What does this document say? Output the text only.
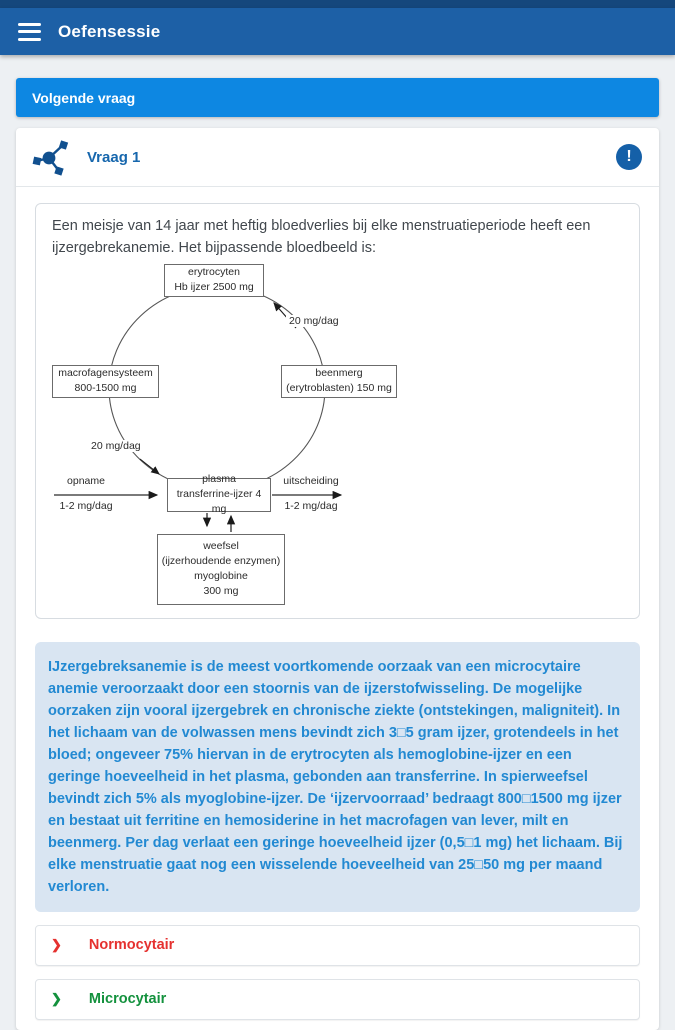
Oefensessie
Volgende vraag
Vraag 1	!

Een meisje van 14 jaar met heftig bloedverlies bij elke menstruatieperiode heeft een ijzergebrekanemie. Het bijpassende bloedbeeld is:

erytrocyten
Hb ijzer 2500 mg
macrofagensysteem
800-1500 mg
beenmerg
(erytroblasten) 150 mg
plasma
transferrine-ijzer 4 mg
weefsel
(ijzerhoudende enzymen)
myoglobine
300 mg
20 mg/dag
20 mg/dag
opname
1-2 mg/dag
uitscheiding
1-2 mg/dag

IJzergebreksanemie is de meest voortkomende oorzaak van een microcytaire anemie veroorzaakt door een stoornis van de ijzerstofwisseling. De mogelijke oorzaken zijn vooral ijzergebrek en chronische ziekte (ontstekingen, maligniteit). In het lichaam van de volwassen mens bevindt zich 3□5 gram ijzer, grotendeels in het bloed; ongeveer 75% hiervan in de erytrocyten als hemoglobine-ijzer en een geringe hoeveelheid in het plasma, gebonden aan transferrine. In spierweefsel bevindt zich 5% als myoglobine-ijzer. De ‘ijzervoorraad’ bedraagt 800□1500 mg ijzer en bestaat uit ferritine en hemosiderine in het macrofagen van lever, milt en beenmerg. Per dag verlaat een geringe hoeveelheid ijzer (0,5□1 mg) het lichaam. Bij elke menstruatie gaat nog een wisselende hoeveelheid van 25□50 mg per maand verloren.

❯ Normocytair
❯ Microcytair
